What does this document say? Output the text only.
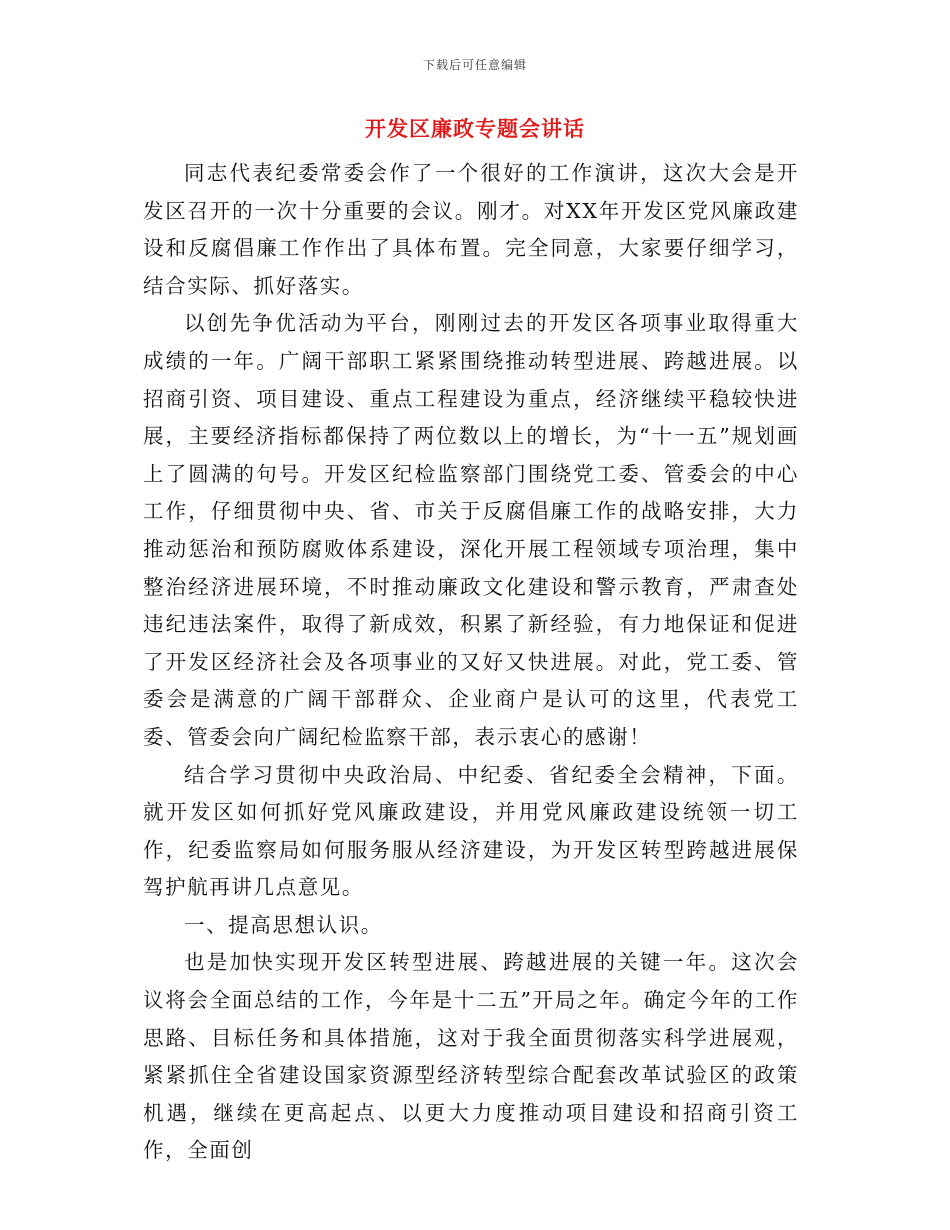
下载后可任意编辑
开发区廉政专题会讲话

同志代表纪委常委会作了一个很好的工作演讲，这次大会是开发区召开的一次十分重要的会议。刚才。对XX年开发区党风廉政建设和反腐倡廉工作作出了具体布置。完全同意，大家要仔细学习，结合实际、抓好落实。

以创先争优活动为平台，刚刚过去的开发区各项事业取得重大成绩的一年。广阔干部职工紧紧围绕推动转型进展、跨越进展。以招商引资、项目建设、重点工程建设为重点，经济继续平稳较快进展，主要经济指标都保持了两位数以上的增长，为“十一五”规划画上了圆满的句号。开发区纪检监察部门围绕党工委、管委会的中心工作，仔细贯彻中央、省、市关于反腐倡廉工作的战略安排，大力推动惩治和预防腐败体系建设，深化开展工程领域专项治理，集中整治经济进展环境，不时推动廉政文化建设和警示教育，严肃查处违纪违法案件，取得了新成效，积累了新经验，有力地保证和促进了开发区经济社会及各项事业的又好又快进展。对此，党工委、管委会是满意的广阔干部群众、企业商户是认可的这里，代表党工委、管委会向广阔纪检监察干部，表示衷心的感谢！

结合学习贯彻中央政治局、中纪委、省纪委全会精神，下面。就开发区如何抓好党风廉政建设，并用党风廉政建设统领一切工作，纪委监察局如何服务服从经济建设，为开发区转型跨越进展保驾护航再讲几点意见。

一、提高思想认识。

也是加快实现开发区转型进展、跨越进展的关键一年。这次会议将会全面总结的工作，今年是十二五”开局之年。确定今年的工作思路、目标任务和具体措施，这对于我全面贯彻落实科学进展观，紧紧抓住全省建设国家资源型经济转型综合配套改革试验区的政策机遇，继续在更高起点、以更大力度推动项目建设和招商引资工作，全面创
